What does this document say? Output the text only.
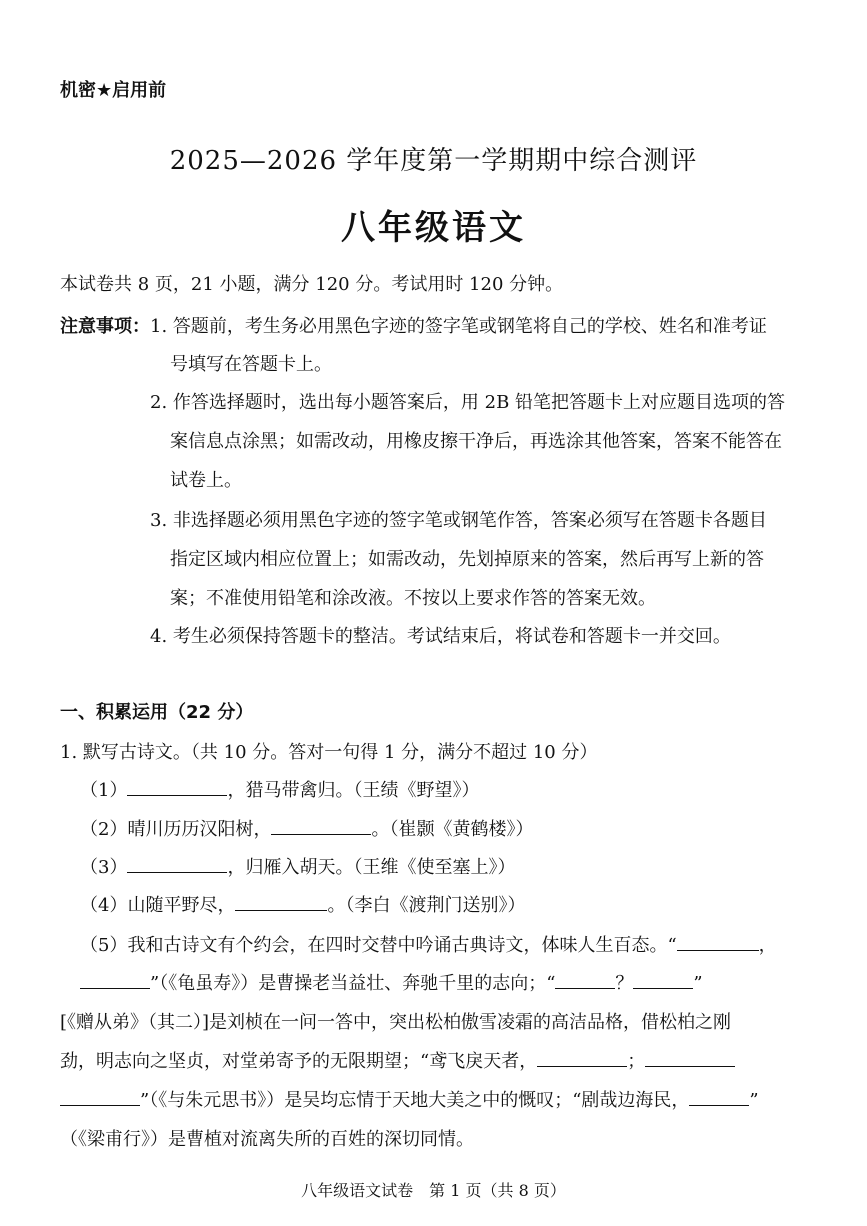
机密★启用前
2025—2026 学年度第一学期期中综合测评
八年级语文
本试卷共 8 页，21 小题，满分 120 分。考试用时 120 分钟。
注意事项： 1. 答题前，考生务必用黑色字迹的签字笔或钢笔将自己的学校、姓名和准考证
号填写在答题卡上。
2. 作答选择题时，选出每小题答案后，用 2B 铅笔把答题卡上对应题目选项的答
案信息点涂黑；如需改动，用橡皮擦干净后，再选涂其他答案，答案不能答在
试卷上。
3. 非选择题必须用黑色字迹的签字笔或钢笔作答，答案必须写在答题卡各题目
指定区域内相应位置上；如需改动，先划掉原来的答案，然后再写上新的答
案；不准使用铅笔和涂改液。不按以上要求作答的答案无效。
4. 考生必须保持答题卡的整洁。考试结束后，将试卷和答题卡一并交回。
一、积累运用（22 分）
1. 默写古诗文。（共 10 分。答对一句得 1 分，满分不超过 10 分）
（1）	，猎马带禽归。（王绩《野望》）
（2）晴川历历汉阳树，	。（崔颢《黄鹤楼》）
（3）	，归雁入胡天。（王维《使至塞上》）
（4）山随平野尽，	。（李白《渡荆门送别》）
（5）我和古诗文有个约会，在四时交替中吟诵古典诗文，体味人生百态。“	，
”（《龟虽寿》）是曹操老当益壮、奔驰千里的志向；“	？	”
[《赠从弟》（其二）]是刘桢在一问一答中，突出松柏傲雪凌霜的高洁品格，借松柏之刚
劲，明志向之坚贞，对堂弟寄予的无限期望；“鸢飞戾天者，	；
”（《与朱元思书》）是吴均忘情于天地大美之中的慨叹；“剧哉边海民，	”
（《梁甫行》）是曹植对流离失所的百姓的深切同情。
八年级语文试卷　第 1 页（共 8 页）
